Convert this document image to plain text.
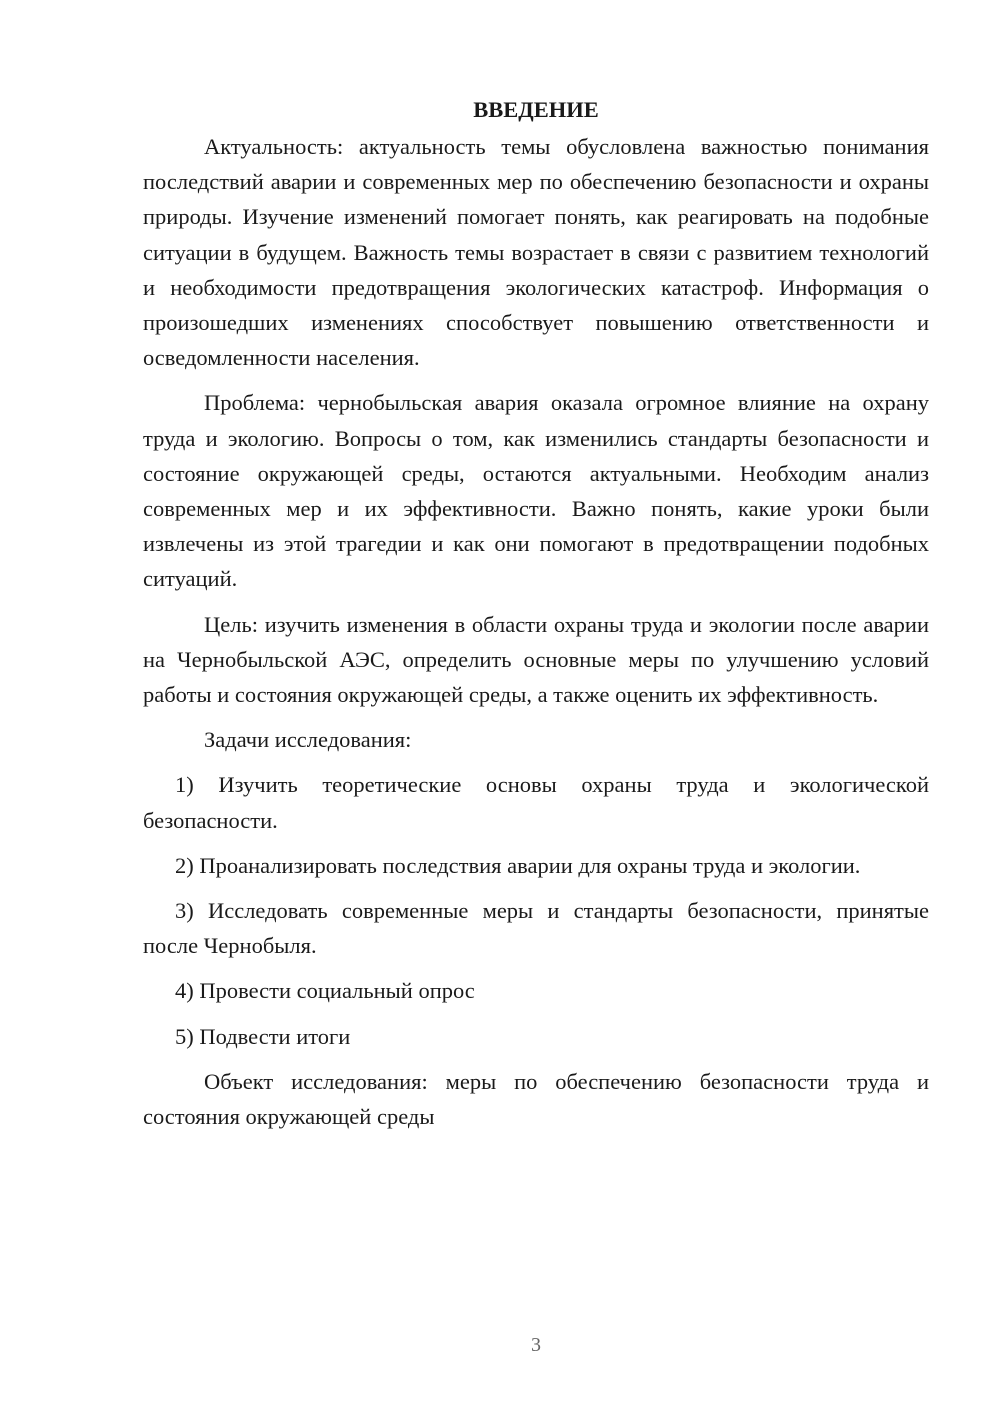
ВВЕДЕНИЕ

Актуальность: актуальность темы обусловлена важностью понимания последствий аварии и современных мер по обеспечению безопасности и охраны природы. Изучение изменений помогает понять, как реагировать на подобные ситуации в будущем. Важность темы возрастает в связи с развитием технологий и необходимости предотвращения экологических катастроф. Информация о произошедших изменениях способствует повышению ответственности и осведомленности населения.

Проблема: чернобыльская авария оказала огромное влияние на охрану труда и экологию. Вопросы о том, как изменились стандарты безопасности и состояние окружающей среды, остаются актуальными. Необходим анализ современных мер и их эффективности. Важно понять, какие уроки были извлечены из этой трагедии и как они помогают в предотвращении подобных ситуаций.

Цель: изучить изменения в области охраны труда и экологии после аварии на Чернобыльской АЭС, определить основные меры по улучшению условий работы и состояния окружающей среды, а также оценить их эффективность.

Задачи исследования:

1) Изучить теоретические основы охраны труда и экологической безопасности.

2) Проанализировать последствия аварии для охраны труда и экологии.

3) Исследовать современные меры и стандарты безопасности, принятые после Чернобыля.

4) Провести социальный опрос

5) Подвести итоги

Объект исследования: меры по обеспечению безопасности труда и состояния окружающей среды

3
